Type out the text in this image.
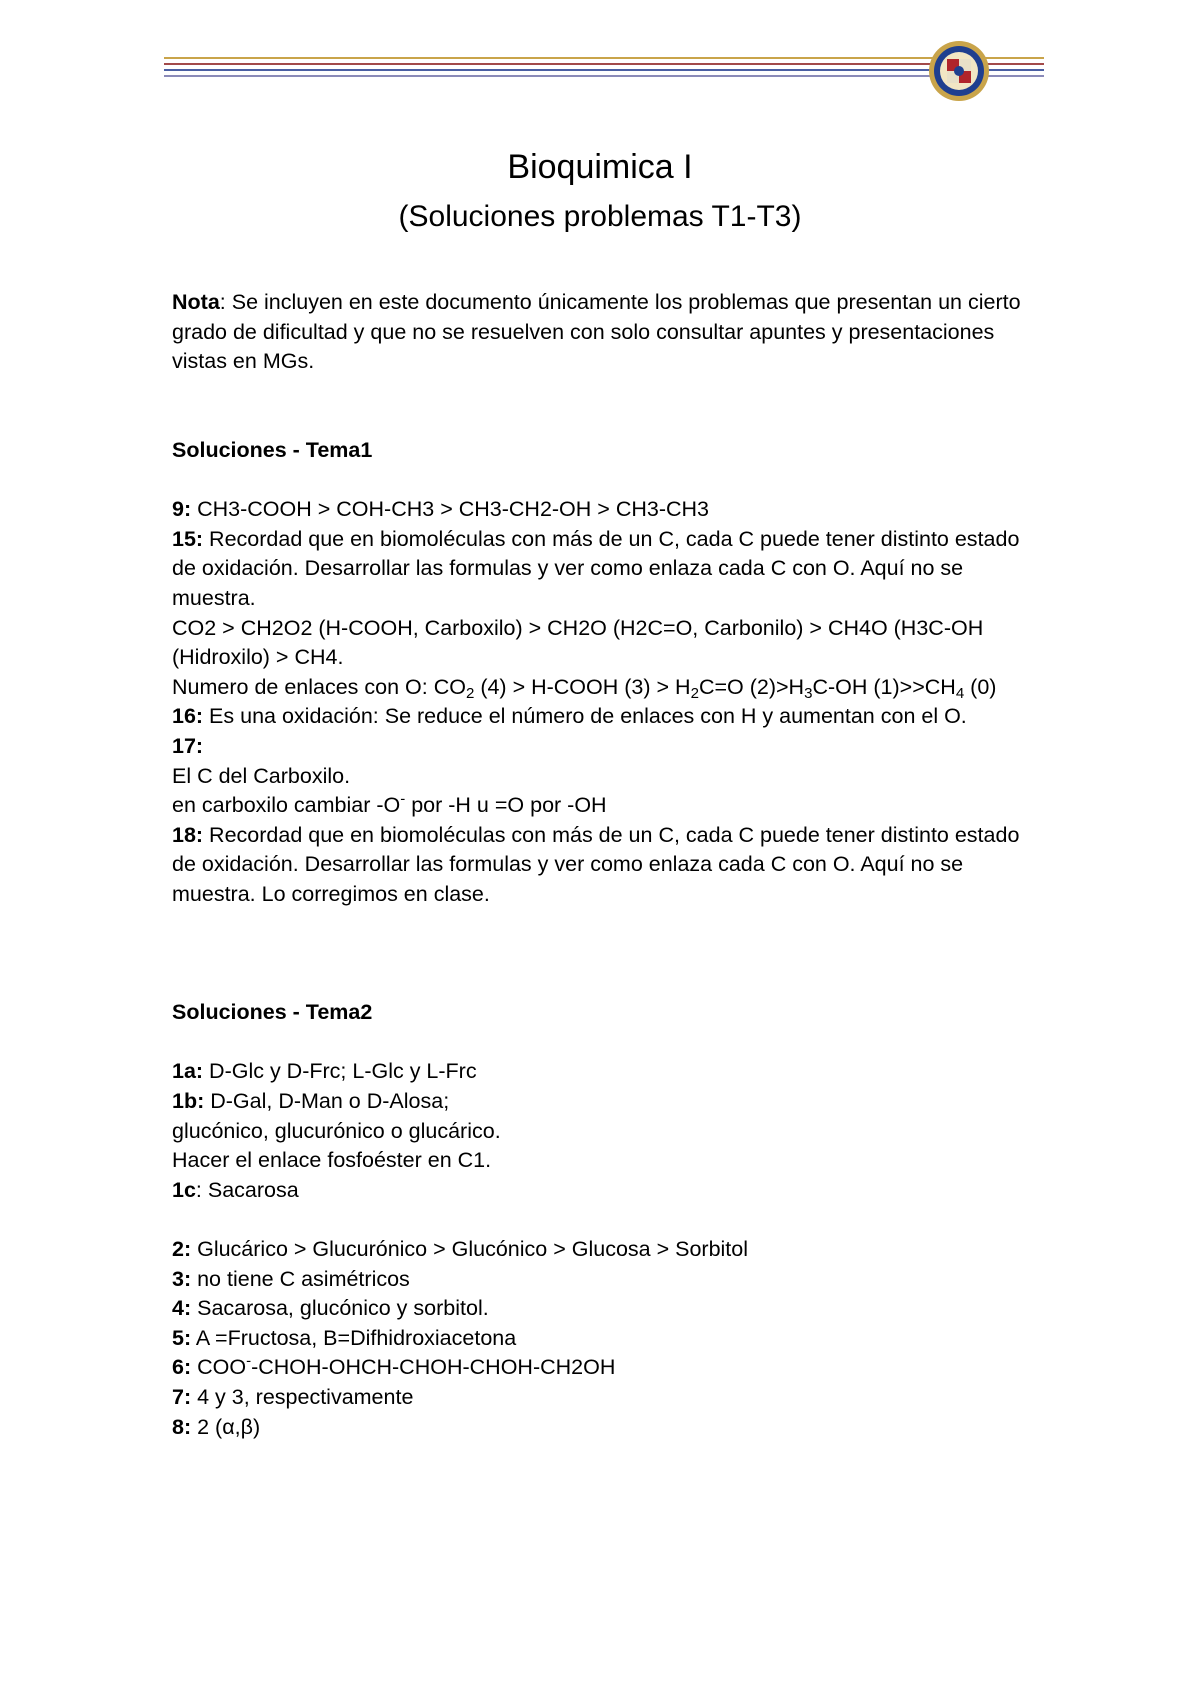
Bioquimica I
(Soluciones problemas T1-T3)

Nota: Se incluyen en este documento únicamente los problemas que presentan un cierto grado de dificultad y que no se resuelven con solo consultar apuntes y presentaciones vistas en MGs.

Soluciones - Tema1

9: CH3-COOH > COH-CH3 > CH3-CH2-OH > CH3-CH3

15: Recordad que en biomoléculas con más de un C, cada C puede tener distinto estado de oxidación. Desarrollar las formulas y ver como enlaza cada C con O. Aquí no se muestra.

CO2 > CH2O2 (H-COOH, Carboxilo) > CH2O (H2C=O, Carbonilo) > CH4O (H3C-OH (Hidroxilo) > CH4.

Numero de enlaces con O: $CO_2$ (4) > H-COOH $(3) > H_2C=O$ $(2)>H_3C-OH$ $(1)>>CH_4$ (0)

16: Es una oxidación: Se reduce el número de enlaces con H y aumentan con el O.

17:

El C del Carboxilo.

en carboxilo cambiar -O- por -H u =O por -OH

18: Recordad que en biomoléculas con más de un C, cada C puede tener distinto estado de oxidación. Desarrollar las formulas y ver como enlaza cada C con O. Aquí no se muestra. Lo corregimos en clase.

Soluciones - Tema2

1a: D-Glc y D-Frc; L-Glc y L-Frc

1b: D-Gal, D-Man o D-Alosa;

glucónico, glucurónico o glucárico.

Hacer el enlace fosfoéster en C1.

1c: Sacarosa

2: Glucárico > Glucurónico > Glucónico > Glucosa > Sorbitol

3: no tiene C asimétricos

4: Sacarosa, glucónico y sorbitol.

5: A =Fructosa, B=Difhidroxiacetona

6: COO--CHOH-OHCH-CHOH-CHOH-CH2OH

7: 4 y 3, respectivamente

8: 2 (α,β)
